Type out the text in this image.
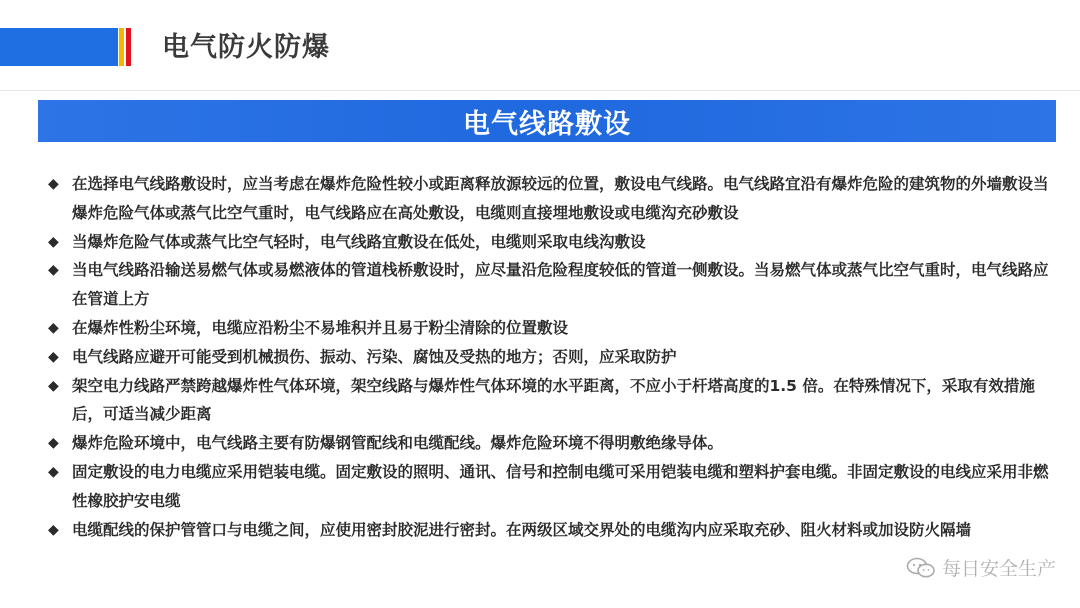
电气防火防爆
电气线路敷设
◆ 在选择电气线路敷设时，应当考虑在爆炸危险性较小或距离释放源较远的位置，敷设电气线路。电气线路宜沿有爆炸危险的建筑物的外墙敷设当爆炸危险气体或蒸气比空气重时，电气线路应在高处敷设，电缆则直接埋地敷设或电缆沟充砂敷设
◆ 当爆炸危险气体或蒸气比空气轻时，电气线路宜敷设在低处，电缆则采取电线沟敷设
◆ 当电气线路沿输送易燃气体或易燃液体的管道栈桥敷设时，应尽量沿危险程度较低的管道一侧敷设。当易燃气体或蒸气比空气重时，电气线路应在管道上方
◆ 在爆炸性粉尘环境，电缆应沿粉尘不易堆积并且易于粉尘清除的位置敷设
◆ 电气线路应避开可能受到机械损伤、振动、污染、腐蚀及受热的地方；否则，应采取防护
◆ 架空电力线路严禁跨越爆炸性气体环境，架空线路与爆炸性气体环境的水平距离，不应小于杆塔高度的1.5 倍。在特殊情况下，采取有效措施后，可适当减少距离
◆ 爆炸危险环境中，电气线路主要有防爆钢管配线和电缆配线。爆炸危险环境不得明敷绝缘导体。
◆ 固定敷设的电力电缆应采用铠装电缆。固定敷设的照明、通讯、信号和控制电缆可采用铠装电缆和塑料护套电缆。非固定敷设的电线应采用非燃性橡胶护安电缆
◆ 电缆配线的保护管管口与电缆之间，应使用密封胶泥进行密封。在两级区域交界处的电缆沟内应采取充砂、阻火材料或加设防火隔墙
每日安全生产
